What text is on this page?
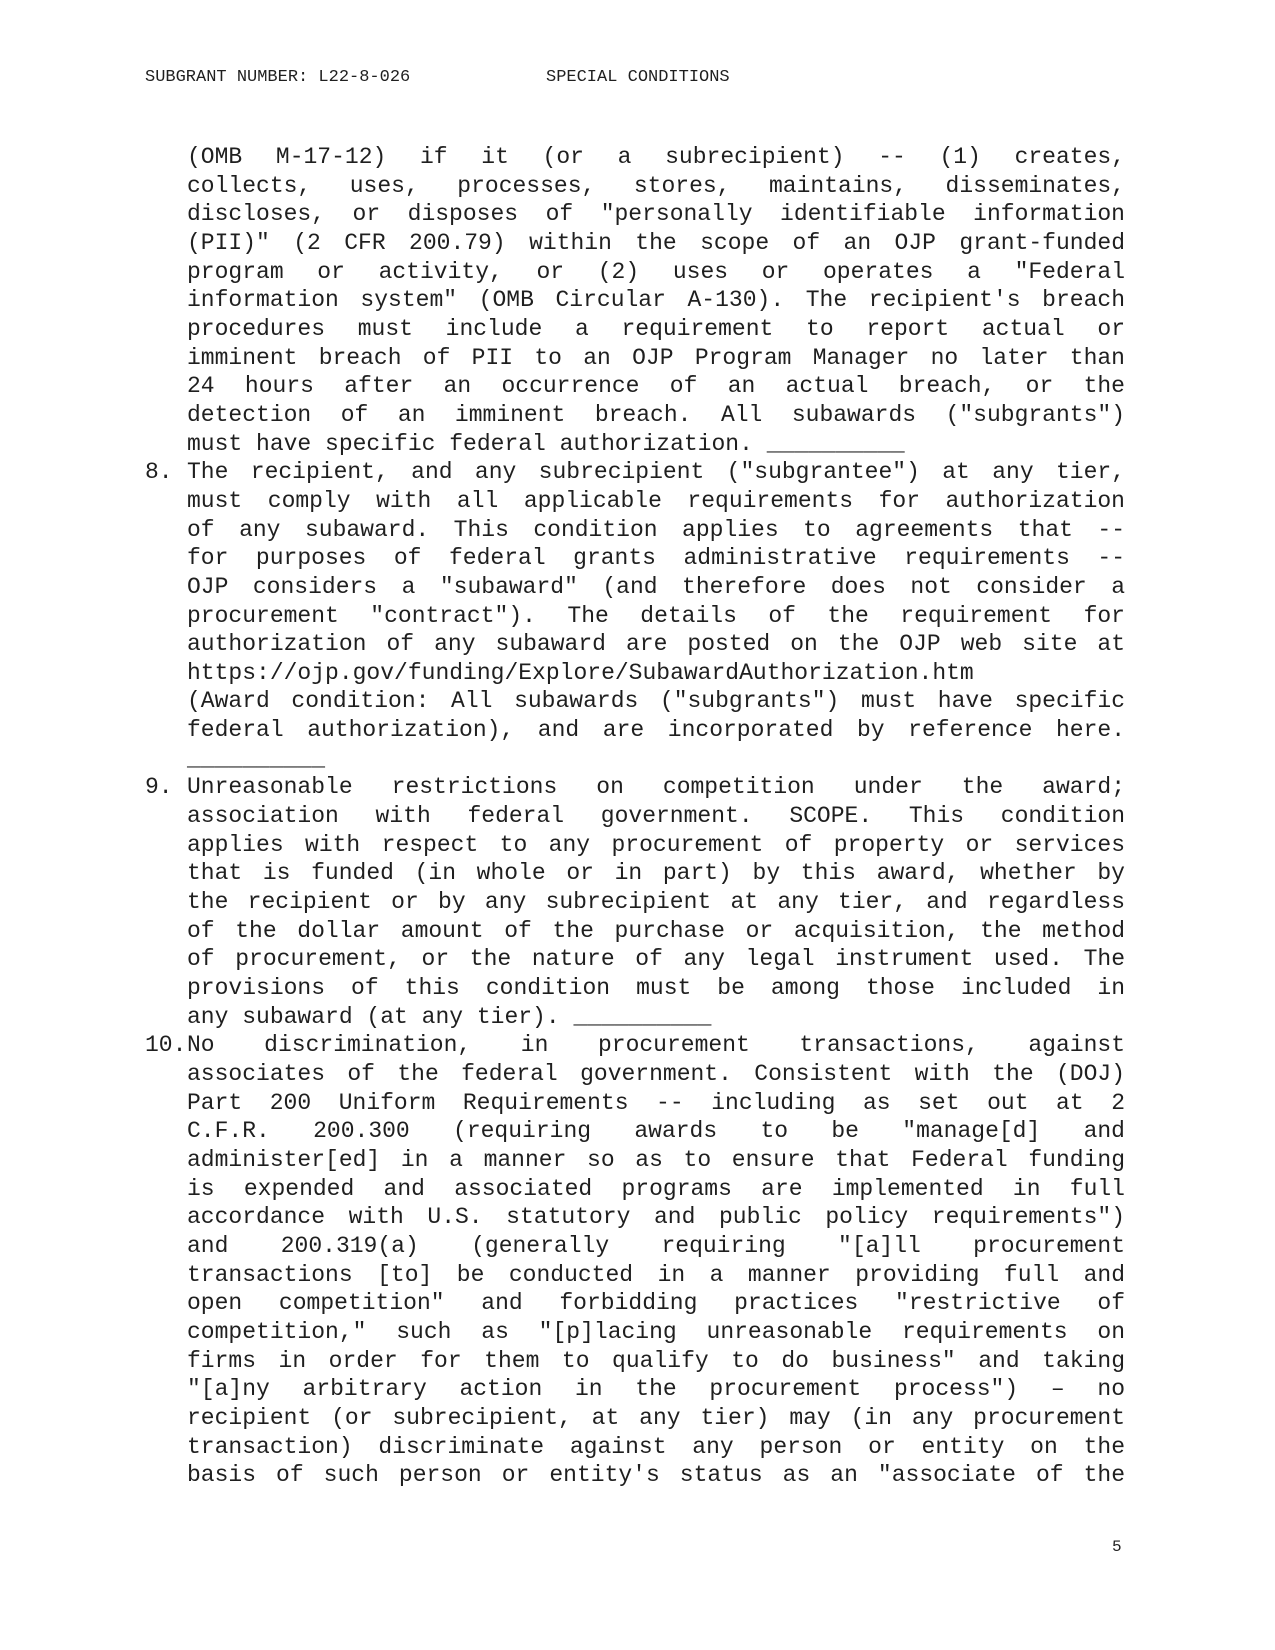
SUBGRANT NUMBER: L22-8-026	SPECIAL CONDITIONS
(OMB M-17-12) if it (or a subrecipient) -- (1) creates,
collects, uses, processes, stores, maintains, disseminates,
discloses, or disposes of "personally identifiable information
(PII)" (2 CFR 200.79) within the scope of an OJP grant-funded
program or activity, or (2) uses or operates a "Federal
information system" (OMB Circular A-130). The recipient's breach
procedures must include a requirement to report actual or
imminent breach of PII to an OJP Program Manager no later than
24 hours after an occurrence of an actual breach, or the
detection of an imminent breach. All subawards ("subgrants")
must have specific federal authorization. __________
8. The recipient, and any subrecipient ("subgrantee") at any tier,
must comply with all applicable requirements for authorization
of any subaward. This condition applies to agreements that --
for purposes of federal grants administrative requirements --
OJP considers a "subaward" (and therefore does not consider a
procurement "contract"). The details of the requirement for
authorization of any subaward are posted on the OJP web site at
https://ojp.gov/funding/Explore/SubawardAuthorization.htm
(Award condition: All subawards ("subgrants") must have specific
federal authorization), and are incorporated by reference here.
__________
9. Unreasonable restrictions on competition under the award;
association with federal government. SCOPE. This condition
applies with respect to any procurement of property or services
that is funded (in whole or in part) by this award, whether by
the recipient or by any subrecipient at any tier, and regardless
of the dollar amount of the purchase or acquisition, the method
of procurement, or the nature of any legal instrument used. The
provisions of this condition must be among those included in
any subaward (at any tier). __________
10. No discrimination, in procurement transactions, against
associates of the federal government. Consistent with the (DOJ)
Part 200 Uniform Requirements -- including as set out at 2
C.F.R. 200.300 (requiring awards to be "manage[d] and
administer[ed] in a manner so as to ensure that Federal funding
is expended and associated programs are implemented in full
accordance with U.S. statutory and public policy requirements")
and 200.319(a) (generally requiring "[a]ll procurement
transactions [to] be conducted in a manner providing full and
open competition" and forbidding practices "restrictive of
competition," such as "[p]lacing unreasonable requirements on
firms in order for them to qualify to do business" and taking
"[a]ny arbitrary action in the procurement process") – no
recipient (or subrecipient, at any tier) may (in any procurement
transaction) discriminate against any person or entity on the
basis of such person or entity's status as an "associate of the
5
